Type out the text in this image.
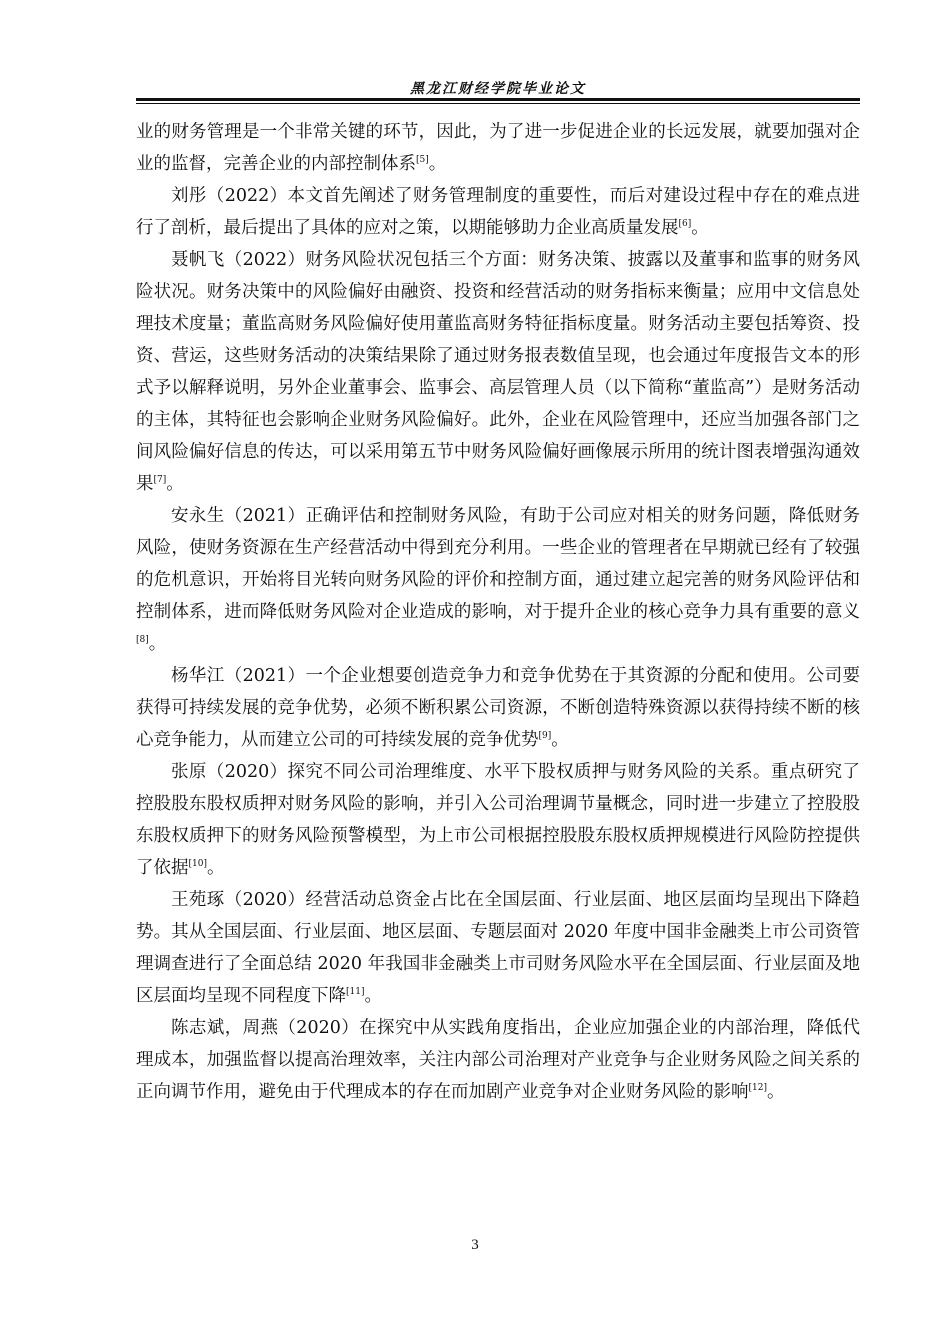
黑龙江财经学院毕业论文

业的财务管理是一个非常关键的环节，因此，为了进一步促进企业的长远发展，就要加强对企业的监督，完善企业的内部控制体系[5]。

刘彤（2022）本文首先阐述了财务管理制度的重要性，而后对建设过程中存在的难点进行了剖析，最后提出了具体的应对之策，以期能够助力企业高质量发展[6]。

聂帆飞（2022）财务风险状况包括三个方面：财务决策、披露以及董事和监事的财务风险状况。财务决策中的风险偏好由融资、投资和经营活动的财务指标来衡量；应用中文信息处理技术度量；董监高财务风险偏好使用董监高财务特征指标度量。财务活动主要包括筹资、投资、营运，这些财务活动的决策结果除了通过财务报表数值呈现，也会通过年度报告文本的形式予以解释说明，另外企业董事会、监事会、高层管理人员（以下简称“董监高”）是财务活动的主体，其特征也会影响企业财务风险偏好。此外，企业在风险管理中，还应当加强各部门之间风险偏好信息的传达，可以采用第五节中财务风险偏好画像展示所用的统计图表增强沟通效果[7]。

安永生（2021）正确评估和控制财务风险，有助于公司应对相关的财务问题，降低财务风险，使财务资源在生产经营活动中得到充分利用。一些企业的管理者在早期就已经有了较强的危机意识，开始将目光转向财务风险的评价和控制方面，通过建立起完善的财务风险评估和控制体系，进而降低财务风险对企业造成的影响，对于提升企业的核心竞争力具有重要的意义[8]。

杨华江（2021）一个企业想要创造竞争力和竞争优势在于其资源的分配和使用。公司要获得可持续发展的竞争优势，必须不断积累公司资源，不断创造特殊资源以获得持续不断的核心竞争能力，从而建立公司的可持续发展的竞争优势[9]。

张原（2020）探究不同公司治理维度、水平下股权质押与财务风险的关系。重点研究了控股股东股权质押对财务风险的影响，并引入公司治理调节量概念，同时进一步建立了控股股东股权质押下的财务风险预警模型，为上市公司根据控股股东股权质押规模进行风险防控提供了依据[10]。

王苑琢（2020）经营活动总资金占比在全国层面、行业层面、地区层面均呈现出下降趋势。其从全国层面、行业层面、地区层面、专题层面对 2020 年度中国非金融类上市公司资管理调查进行了全面总结 2020 年我国非金融类上市司财务风险水平在全国层面、行业层面及地区层面均呈现不同程度下降[11]。

陈志斌，周燕（2020）在探究中从实践角度指出，企业应加强企业的内部治理，降低代理成本，加强监督以提高治理效率，关注内部公司治理对产业竞争与企业财务风险之间关系的正向调节作用，避免由于代理成本的存在而加剧产业竞争对企业财务风险的影响[12]。

3
